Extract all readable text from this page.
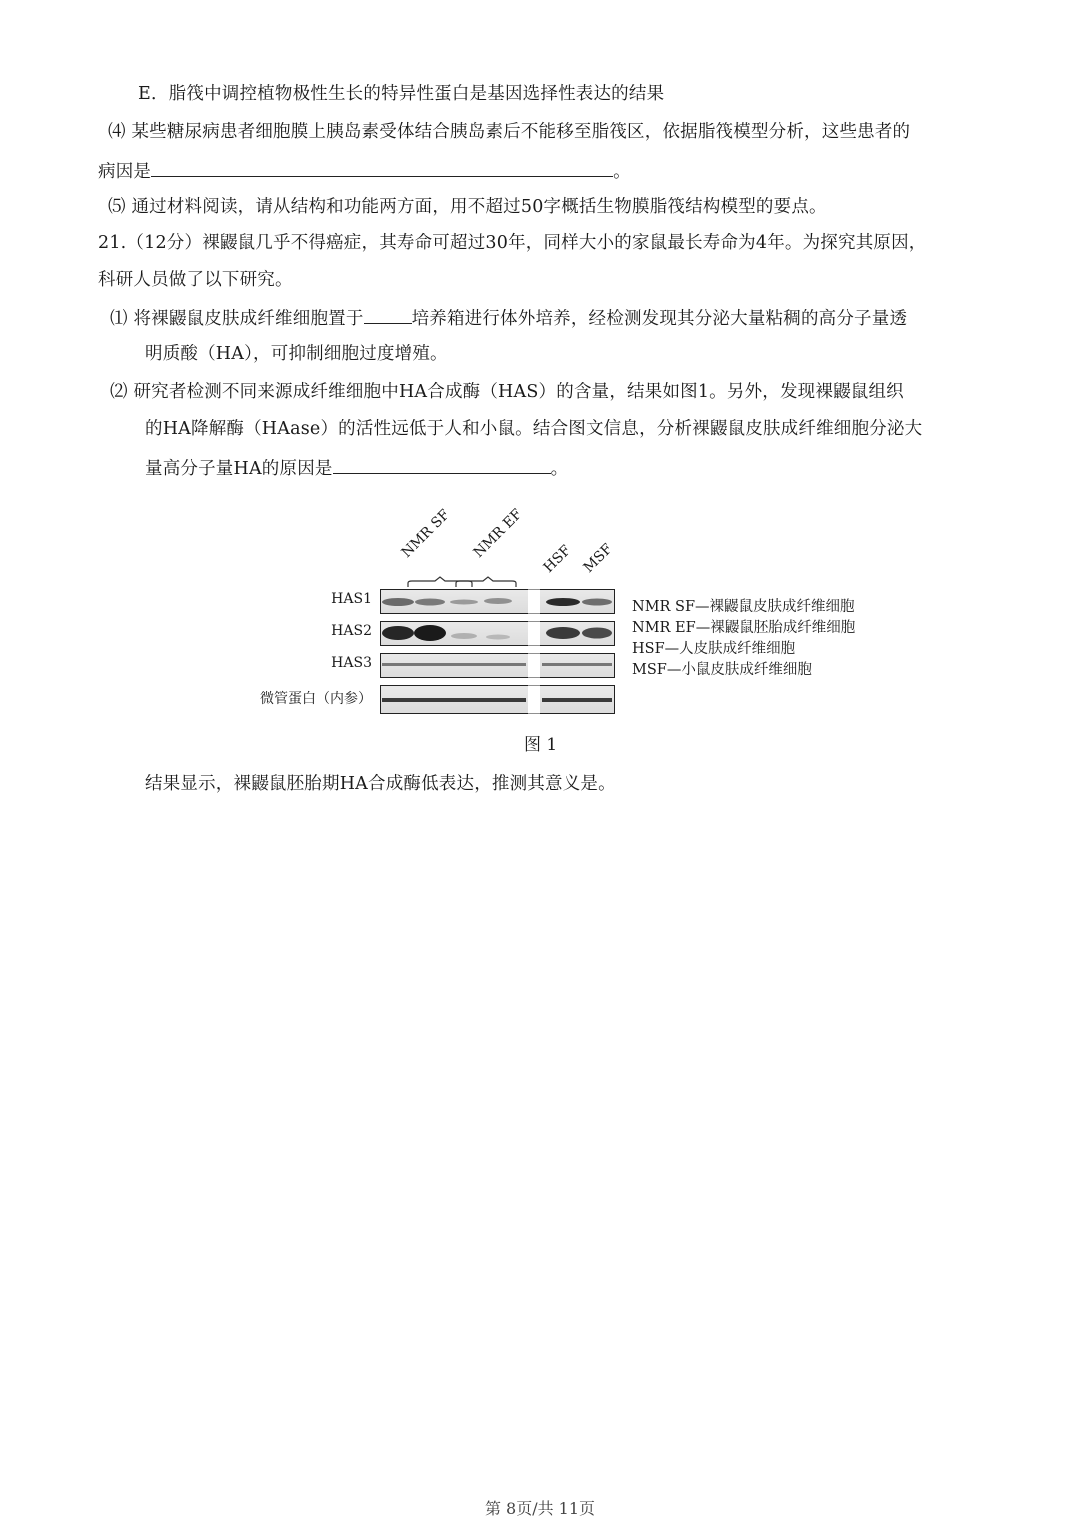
E．脂筏中调控植物极性生长的特异性蛋白是基因选择性表达的结果
⑷ 某些糖尿病患者细胞膜上胰岛素受体结合胰岛素后不能移至脂筏区，依据脂筏模型分析，这些患者的
病因是	。
⑸ 通过材料阅读，请从结构和功能两方面，用不超过50字概括生物膜脂筏结构模型的要点。
21.（12分）裸鼹鼠几乎不得癌症，其寿命可超过30年，同样大小的家鼠最长寿命为4年。为探究其原因，
科研人员做了以下研究。
⑴ 将裸鼹鼠皮肤成纤维细胞置于	培养箱进行体外培养，经检测发现其分泌大量粘稠的高分子量透
明质酸（HA），可抑制细胞过度增殖。
⑵ 研究者检测不同来源成纤维细胞中HA合成酶（HAS）的含量，结果如图1。另外，发现裸鼹鼠组织
的HA降解酶（HAase）的活性远低于人和小鼠。结合图文信息，分析裸鼹鼠皮肤成纤维细胞分泌大
量高分子量HA的原因是	。
NMR SF NMR EF HSF MSF
HAS1
HAS2
HAS3
微管蛋白（内参）
NMR SF—裸鼹鼠皮肤成纤维细胞
NMR EF—裸鼹鼠胚胎成纤维细胞
HSF—人皮肤成纤维细胞
MSF—小鼠皮肤成纤维细胞
图 1
结果显示，裸鼹鼠胚胎期HA合成酶低表达，推测其意义是。
第 8页/共 11页
